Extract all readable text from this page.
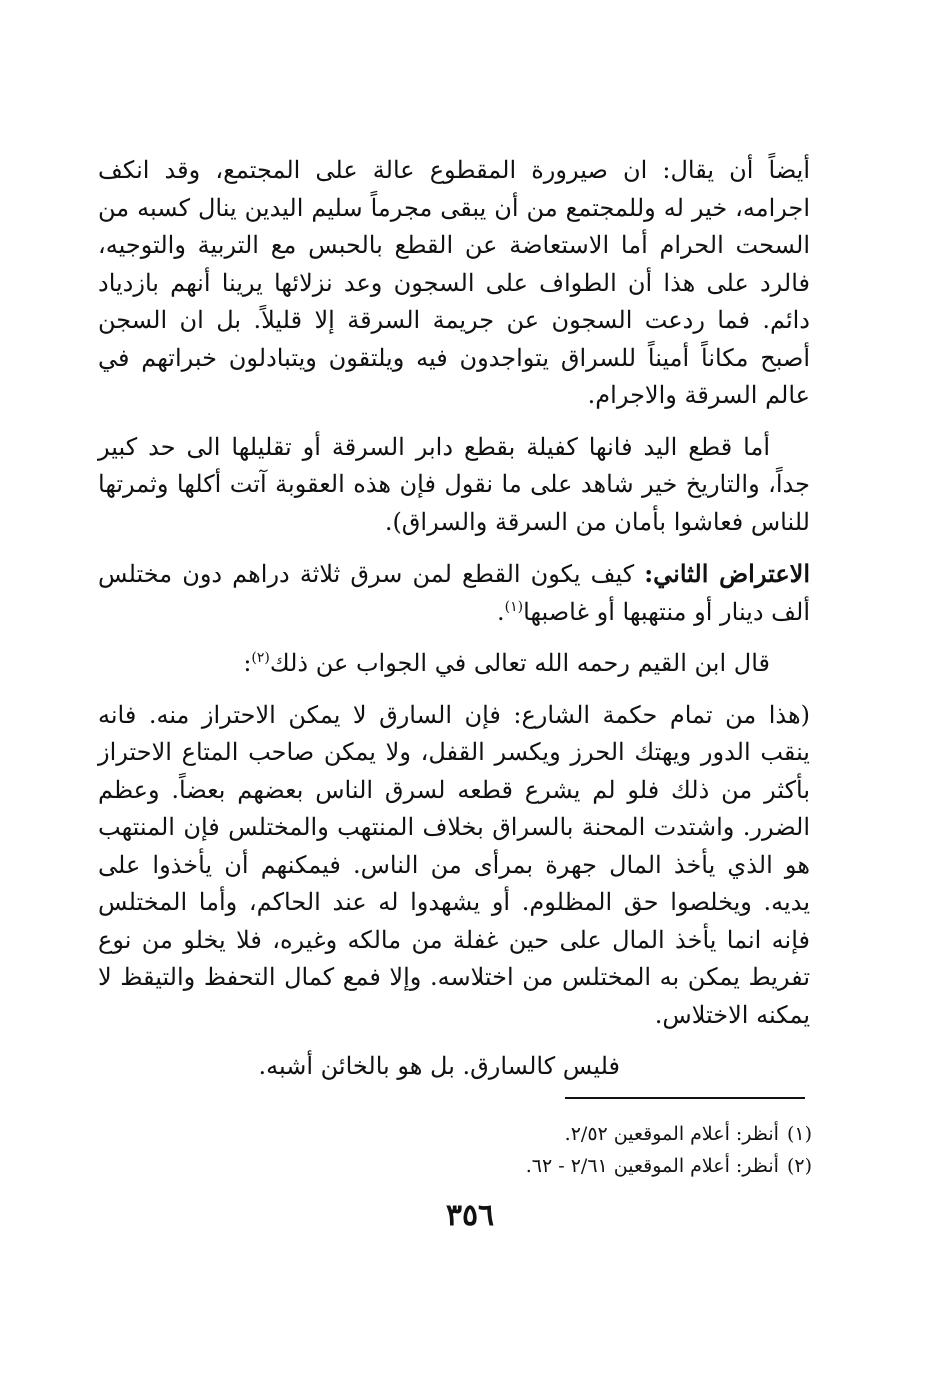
أيضاً أن يقال: ان صيرورة المقطوع عالة على المجتمع، وقد انكف اجرامه، خير له وللمجتمع من أن يبقى مجرماً سليم اليدين ينال كسبه من السحت الحرام أما الاستعاضة عن القطع بالحبس مع التربية والتوجيه، فالرد على هذا أن الطواف على السجون وعد نزلائها يرينا أنهم بازدياد دائم. فما ردعت السجون عن جريمة السرقة إلا قليلاً. بل ان السجن أصبح مكاناً أميناً للسراق يتواجدون فيه ويلتقون ويتبادلون خبراتهم في عالم السرقة والاجرام.

أما قطع اليد فانها كفيلة بقطع دابر السرقة أو تقليلها الى حد كبير جداً، والتاريخ خير شاهد على ما نقول فإن هذه العقوبة آتت أكلها وثمرتها للناس فعاشوا بأمان من السرقة والسراق).

الاعتراض الثاني: كيف يكون القطع لمن سرق ثلاثة دراهم دون مختلس ألف دينار أو منتهبها أو غاصبها$^{(١)}$.

قال ابن القيم رحمه الله تعالى في الجواب عن ذلك$^{(٢)}$:

(هذا من تمام حكمة الشارع: فإن السارق لا يمكن الاحتراز منه. فانه ينقب الدور ويهتك الحرز ويكسر القفل، ولا يمكن صاحب المتاع الاحتراز بأكثر من ذلك فلو لم يشرع قطعه لسرق الناس بعضهم بعضاً. وعظم الضرر. واشتدت المحنة بالسراق بخلاف المنتهب والمختلس فإن المنتهب هو الذي يأخذ المال جهرة بمرأى من الناس. فيمكنهم أن يأخذوا على يديه. ويخلصوا حق المظلوم. أو يشهدوا له عند الحاكم، وأما المختلس فإنه انما يأخذ المال على حين غفلة من مالكه وغيره، فلا يخلو من نوع تفريط يمكن به المختلس من اختلاسه. وإلا فمع كمال التحفظ والتيقظ لا يمكنه الاختلاس.

فليس كالسارق. بل هو بالخائن أشبه.

(١)أنظر: أعلام الموقعين ٢/٥٢.
(٢)أنظر: أعلام الموقعين ٢/٦١ - ٦٢.
٣٥٦
